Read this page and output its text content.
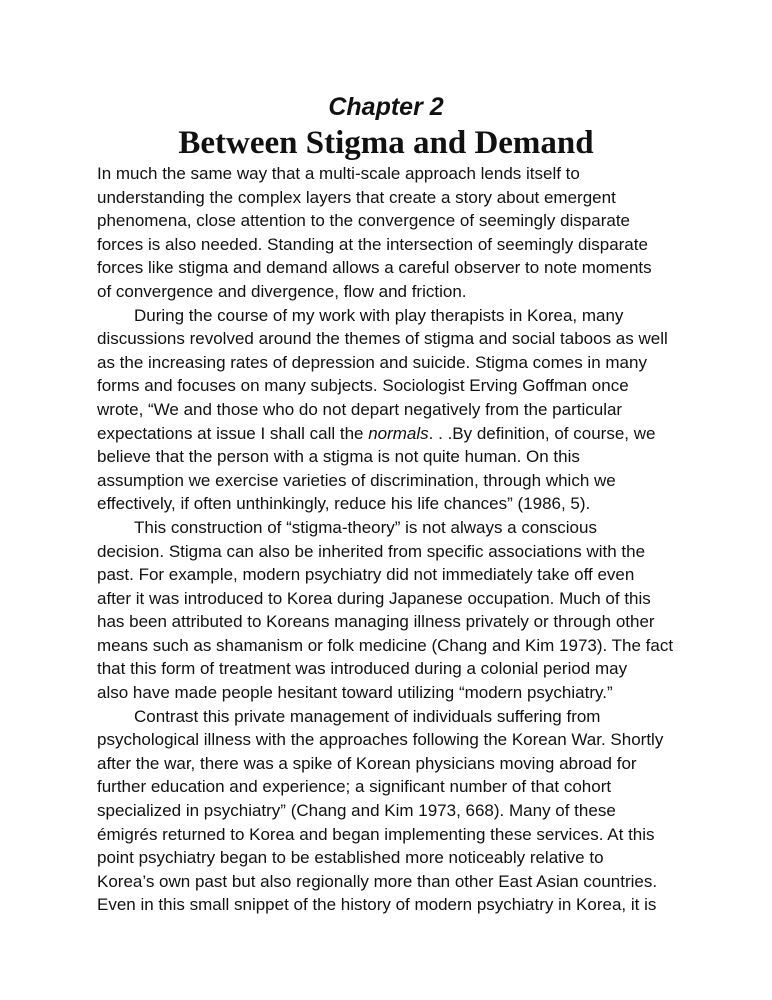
Chapter 2
Between Stigma and Demand

In much the same way that a multi-scale approach lends itself to
understanding the complex layers that create a story about emergent
phenomena, close attention to the convergence of seemingly disparate
forces is also needed. Standing at the intersection of seemingly disparate
forces like stigma and demand allows a careful observer to note moments
of convergence and divergence, flow and friction.

During the course of my work with play therapists in Korea, many
discussions revolved around the themes of stigma and social taboos as well
as the increasing rates of depression and suicide. Stigma comes in many
forms and focuses on many subjects. Sociologist Erving Goffman once
wrote, “We and those who do not depart negatively from the particular
expectations at issue I shall call the normals. . .By definition, of course, we
believe that the person with a stigma is not quite human. On this
assumption we exercise varieties of discrimination, through which we
effectively, if often unthinkingly, reduce his life chances” (1986, 5).

This construction of “stigma-theory” is not always a conscious
decision. Stigma can also be inherited from specific associations with the
past. For example, modern psychiatry did not immediately take off even
after it was introduced to Korea during Japanese occupation. Much of this
has been attributed to Koreans managing illness privately or through other
means such as shamanism or folk medicine (Chang and Kim 1973). The fact
that this form of treatment was introduced during a colonial period may
also have made people hesitant toward utilizing “modern psychiatry.”

Contrast this private management of individuals suffering from
psychological illness with the approaches following the Korean War. Shortly
after the war, there was a spike of Korean physicians moving abroad for
further education and experience; a significant number of that cohort
specialized in psychiatry” (Chang and Kim 1973, 668). Many of these
émigrés returned to Korea and began implementing these services. At this
point psychiatry began to be established more noticeably relative to
Korea’s own past but also regionally more than other East Asian countries.
Even in this small snippet of the history of modern psychiatry in Korea, it is
